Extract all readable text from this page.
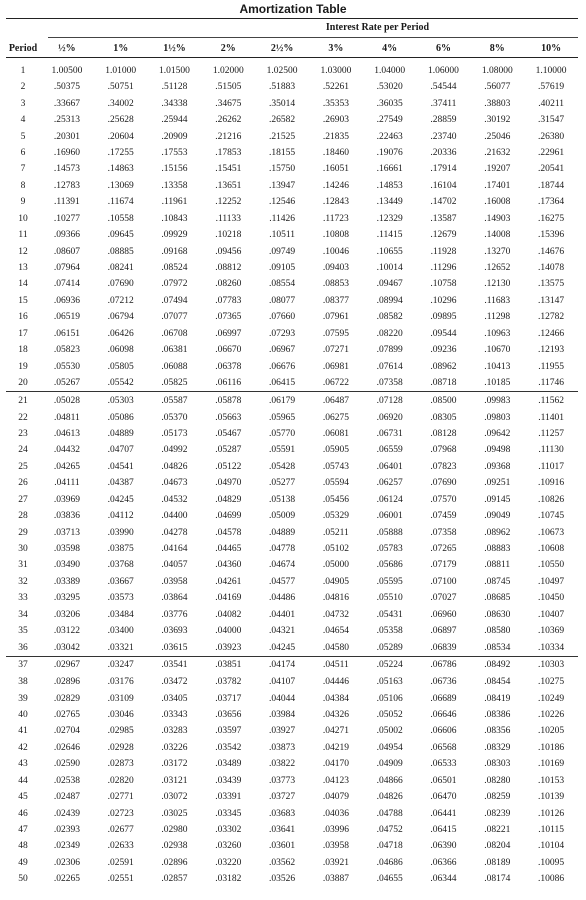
Amortization Table
Interest Rate per Period
Period	½%	1%	1½%	2%	2½%	3%	4%	6%	8%	10%
1	1.00500	1.01000	1.01500	1.02000	1.02500	1.03000	1.04000	1.06000	1.08000	1.10000
2	.50375	.50751	.51128	.51505	.51883	.52261	.53020	.54544	.56077	.57619
3	.33667	.34002	.34338	.34675	.35014	.35353	.36035	.37411	.38803	.40211
4	.25313	.25628	.25944	.26262	.26582	.26903	.27549	.28859	.30192	.31547
5	.20301	.20604	.20909	.21216	.21525	.21835	.22463	.23740	.25046	.26380
6	.16960	.17255	.17553	.17853	.18155	.18460	.19076	.20336	.21632	.22961
7	.14573	.14863	.15156	.15451	.15750	.16051	.16661	.17914	.19207	.20541
8	.12783	.13069	.13358	.13651	.13947	.14246	.14853	.16104	.17401	.18744
9	.11391	.11674	.11961	.12252	.12546	.12843	.13449	.14702	.16008	.17364
10	.10277	.10558	.10843	.11133	.11426	.11723	.12329	.13587	.14903	.16275
11	.09366	.09645	.09929	.10218	.10511	.10808	.11415	.12679	.14008	.15396
12	.08607	.08885	.09168	.09456	.09749	.10046	.10655	.11928	.13270	.14676
13	.07964	.08241	.08524	.08812	.09105	.09403	.10014	.11296	.12652	.14078
14	.07414	.07690	.07972	.08260	.08554	.08853	.09467	.10758	.12130	.13575
15	.06936	.07212	.07494	.07783	.08077	.08377	.08994	.10296	.11683	.13147
16	.06519	.06794	.07077	.07365	.07660	.07961	.08582	.09895	.11298	.12782
17	.06151	.06426	.06708	.06997	.07293	.07595	.08220	.09544	.10963	.12466
18	.05823	.06098	.06381	.06670	.06967	.07271	.07899	.09236	.10670	.12193
19	.05530	.05805	.06088	.06378	.06676	.06981	.07614	.08962	.10413	.11955
20	.05267	.05542	.05825	.06116	.06415	.06722	.07358	.08718	.10185	.11746
21	.05028	.05303	.05587	.05878	.06179	.06487	.07128	.08500	.09983	.11562
22	.04811	.05086	.05370	.05663	.05965	.06275	.06920	.08305	.09803	.11401
23	.04613	.04889	.05173	.05467	.05770	.06081	.06731	.08128	.09642	.11257
24	.04432	.04707	.04992	.05287	.05591	.05905	.06559	.07968	.09498	.11130
25	.04265	.04541	.04826	.05122	.05428	.05743	.06401	.07823	.09368	.11017
26	.04111	.04387	.04673	.04970	.05277	.05594	.06257	.07690	.09251	.10916
27	.03969	.04245	.04532	.04829	.05138	.05456	.06124	.07570	.09145	.10826
28	.03836	.04112	.04400	.04699	.05009	.05329	.06001	.07459	.09049	.10745
29	.03713	.03990	.04278	.04578	.04889	.05211	.05888	.07358	.08962	.10673
30	.03598	.03875	.04164	.04465	.04778	.05102	.05783	.07265	.08883	.10608
31	.03490	.03768	.04057	.04360	.04674	.05000	.05686	.07179	.08811	.10550
32	.03389	.03667	.03958	.04261	.04577	.04905	.05595	.07100	.08745	.10497
33	.03295	.03573	.03864	.04169	.04486	.04816	.05510	.07027	.08685	.10450
34	.03206	.03484	.03776	.04082	.04401	.04732	.05431	.06960	.08630	.10407
35	.03122	.03400	.03693	.04000	.04321	.04654	.05358	.06897	.08580	.10369
36	.03042	.03321	.03615	.03923	.04245	.04580	.05289	.06839	.08534	.10334
37	.02967	.03247	.03541	.03851	.04174	.04511	.05224	.06786	.08492	.10303
38	.02896	.03176	.03472	.03782	.04107	.04446	.05163	.06736	.08454	.10275
39	.02829	.03109	.03405	.03717	.04044	.04384	.05106	.06689	.08419	.10249
40	.02765	.03046	.03343	.03656	.03984	.04326	.05052	.06646	.08386	.10226
41	.02704	.02985	.03283	.03597	.03927	.04271	.05002	.06606	.08356	.10205
42	.02646	.02928	.03226	.03542	.03873	.04219	.04954	.06568	.08329	.10186
43	.02590	.02873	.03172	.03489	.03822	.04170	.04909	.06533	.08303	.10169
44	.02538	.02820	.03121	.03439	.03773	.04123	.04866	.06501	.08280	.10153
45	.02487	.02771	.03072	.03391	.03727	.04079	.04826	.06470	.08259	.10139
46	.02439	.02723	.03025	.03345	.03683	.04036	.04788	.06441	.08239	.10126
47	.02393	.02677	.02980	.03302	.03641	.03996	.04752	.06415	.08221	.10115
48	.02349	.02633	.02938	.03260	.03601	.03958	.04718	.06390	.08204	.10104
49	.02306	.02591	.02896	.03220	.03562	.03921	.04686	.06366	.08189	.10095
50	.02265	.02551	.02857	.03182	.03526	.03887	.04655	.06344	.08174	.10086
